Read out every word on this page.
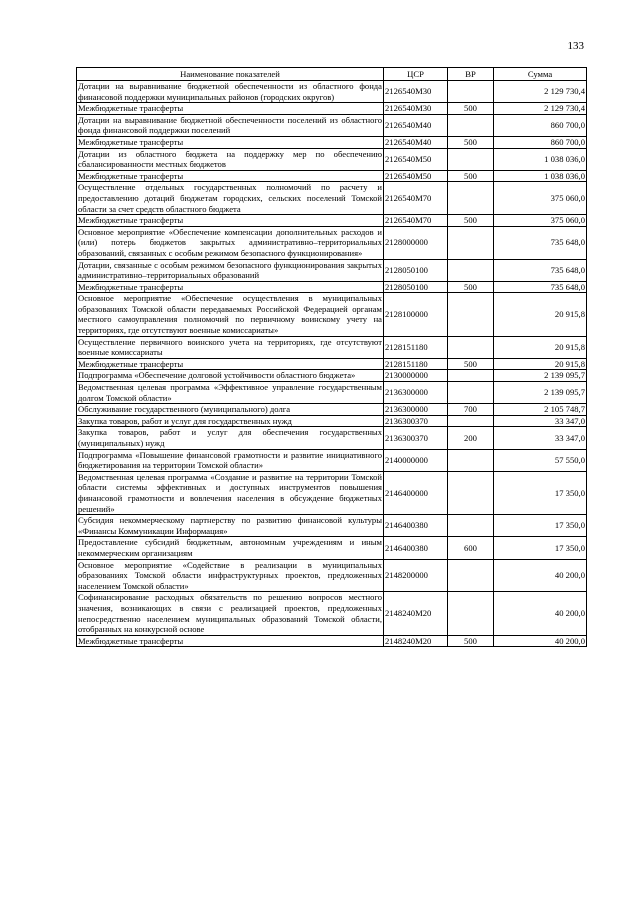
133
Наименование показателей	ЦСР	ВР	Сумма
Дотации на выравнивание бюджетной обеспеченности из областного фонда финансовой поддержки муниципальных районов (городских округов)	2126540М30		2 129 730,4
Межбюджетные трансферты	2126540М30	500	2 129 730,4
Дотации на выравнивание бюджетной обеспеченности поселений из областного фонда финансовой поддержки поселений	2126540М40		860 700,0
Межбюджетные трансферты	2126540М40	500	860 700,0
Дотации из областного бюджета на поддержку мер по обеспечению сбалансированности местных бюджетов	2126540М50		1 038 036,0
Межбюджетные трансферты	2126540М50	500	1 038 036,0
Осуществление отдельных государственных полномочий по расчету и предоставлению дотаций бюджетам городских, сельских поселений Томской области за счет средств областного бюджета	2126540М70		375 060,0
Межбюджетные трансферты	2126540М70	500	375 060,0
Основное мероприятие «Обеспечение компенсации дополнительных расходов и (или) потерь бюджетов закрытых административно–территориальных образований, связанных с особым режимом безопасного функционирования»	2128000000		735 648,0
Дотации, связанные с особым режимом безопасного функционирования закрытых административно–территориальных образований	2128050100		735 648,0
Межбюджетные трансферты	2128050100	500	735 648,0
Основное мероприятие «Обеспечение осуществления в муниципальных образованиях Томской области передаваемых Российской Федерацией органам местного самоуправления полномочий по первичному воинскому учету на территориях, где отсутствуют военные комиссариаты»	2128100000		20 915,8
Осуществление первичного воинского учета на территориях, где отсутствуют военные комиссариаты	2128151180		20 915,8
Межбюджетные трансферты	2128151180	500	20 915,8
Подпрограмма «Обеспечение долговой устойчивости областного бюджета»	2130000000		2 139 095,7
Ведомственная целевая программа «Эффективное управление государственным долгом Томской области»	2136300000		2 139 095,7
Обслуживание государственного (муниципального) долга	2136300000	700	2 105 748,7
Закупка товаров, работ и услуг для государственных нужд	2136300370		33 347,0
Закупка товаров, работ и услуг для обеспечения государственных (муниципальных) нужд	2136300370	200	33 347,0
Подпрограмма «Повышение финансовой грамотности и развитие инициативного бюджетирования на территории Томской области»	2140000000		57 550,0
Ведомственная целевая программа «Создание и развитие на территории Томской области системы эффективных и доступных инструментов повышения финансовой грамотности и вовлечения населения в обсуждение бюджетных решений»	2146400000		17 350,0
Субсидия некоммерческому партнерству по развитию финансовой культуры «Финансы Коммуникации Информация»	2146400380		17 350,0
Предоставление субсидий бюджетным, автономным учреждениям и иным некоммерческим организациям	2146400380	600	17 350,0
Основное мероприятие «Содействие в реализации в муниципальных образованиях Томской области инфраструктурных проектов, предложенных населением Томской области»	2148200000		40 200,0
Софинансирование расходных обязательств по решению вопросов местного значения, возникающих в связи с реализацией проектов, предложенных непосредственно населением муниципальных образований Томской области, отобранных на конкурсной основе	2148240М20		40 200,0
Межбюджетные трансферты	2148240М20	500	40 200,0
